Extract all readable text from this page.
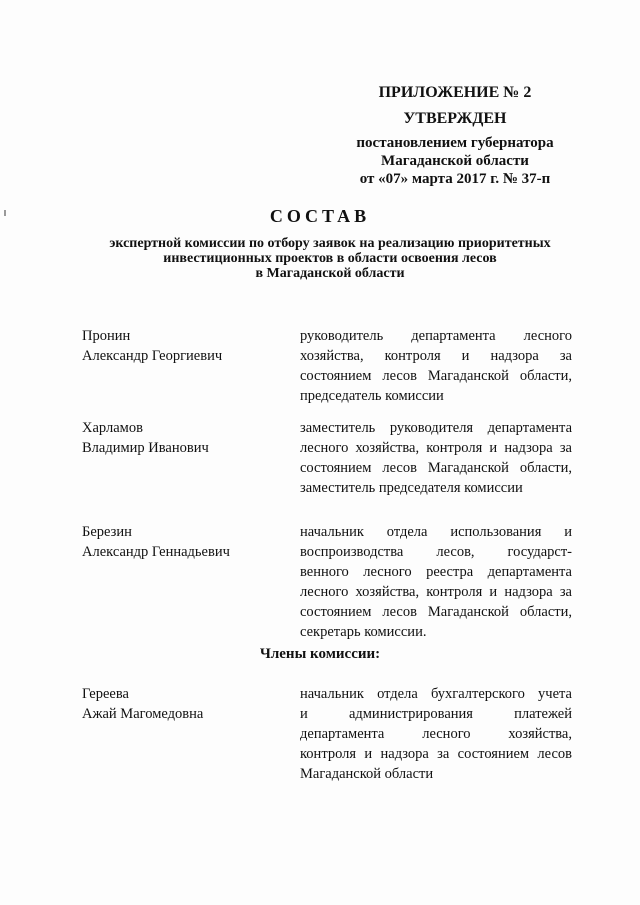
ПРИЛОЖЕНИЕ № 2
УТВЕРЖДЕН
постановлением губернатора
Магаданской области
от «07» марта 2017 г. № 37-п
СОСТАВ
экспертной комиссии по отбору заявок на реализацию приоритетных
инвестиционных проектов в области освоения лесов
в Магаданской области
Пронин
Александр Георгиевич
руководитель департамента лесного
хозяйства, контроля и надзора за
состоянием лесов Магаданской области,
председатель комиссии
Харламов
Владимир Иванович
заместитель руководителя департамента
лесного хозяйства, контроля и надзора за
состоянием лесов Магаданской области,
заместитель председателя комиссии
Березин
Александр Геннадьевич
начальник отдела использования и
воспроизводства лесов, государст-
венного лесного реестра департамента
лесного хозяйства, контроля и надзора за
состоянием лесов Магаданской области,
секретарь комиссии.
Члены комиссии:
Гереева
Ажай Магомедовна
начальник отдела бухгалтерского учета
и администрирования платежей
департамента лесного хозяйства,
контроля и надзора за состоянием лесов
Магаданской области
